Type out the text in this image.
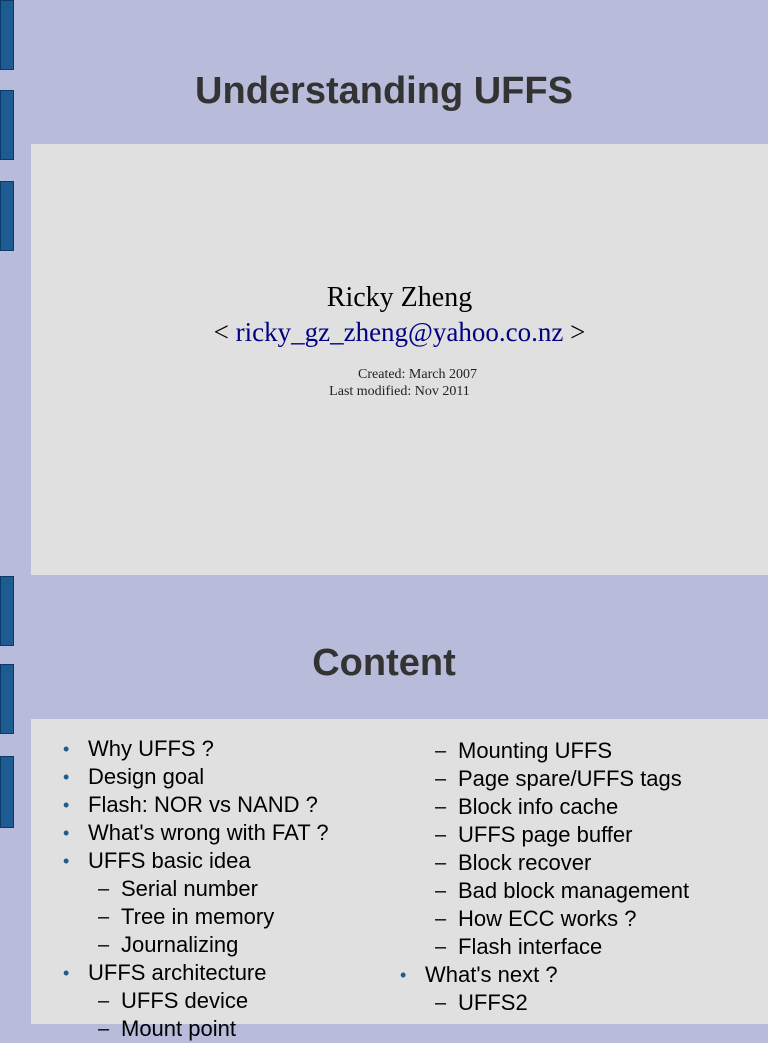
Understanding UFFS
Ricky Zheng
< ricky_gz_zheng@yahoo.co.nz >
Created: March 2007
Last modified: Nov 2011
Content
• Why UFFS ?
• Design goal
• Flash: NOR vs NAND ?
• What's wrong with FAT ?
• UFFS basic idea
– Serial number
– Tree in memory
– Journalizing
• UFFS architecture
– UFFS device
– Mount point
– Mounting UFFS
– Page spare/UFFS tags
– Block info cache
– UFFS page buffer
– Block recover
– Bad block management
– How ECC works ?
– Flash interface
• What's next ?
– UFFS2
